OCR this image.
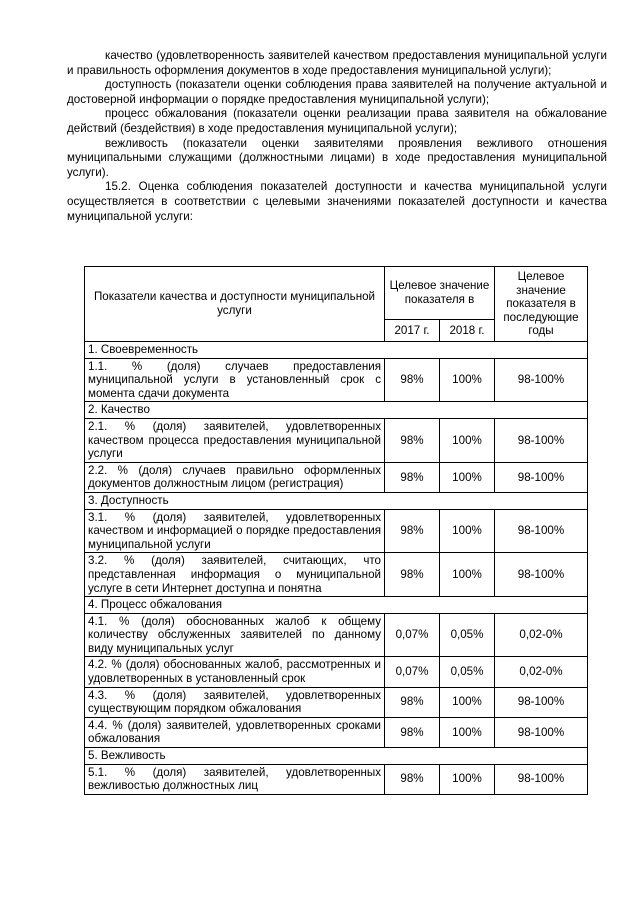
качество (удовлетворенность заявителей качеством предоставления муниципальной услуги и правильность оформления документов в ходе предоставления муниципальной услуги);

доступность (показатели оценки соблюдения права заявителей на получение актуальной и достоверной информации о порядке предоставления муниципальной услуги);

процесс обжалования (показатели оценки реализации права заявителя на обжалование действий (бездействия) в ходе предоставления муниципальной услуги);

вежливость (показатели оценки заявителями проявления вежливого отношения муниципальными служащими (должностными лицами) в ходе предоставления муниципальной услуги).

15.2. Оценка соблюдения показателей доступности и качества муниципальной услуги осуществляется в соответствии с целевыми значениями показателей доступности и качества муниципальной услуги:

Показатели качества и доступности муниципальной услуги	Целевое значение показателя в		Целевое значение показателя в последующие годы
	2017 г.	2018 г.	
1. Своевременность			
1.1. % (доля) случаев предоставления муниципальной услуги в установленный срок с момента сдачи документа	98%	100%	98-100%
2. Качество			
2.1. % (доля) заявителей, удовлетворенных качеством процесса предоставления муниципальной услуги	98%	100%	98-100%
2.2. % (доля) случаев правильно оформленных документов должностным лицом (регистрация)	98%	100%	98-100%
3. Доступность			
3.1. % (доля) заявителей, удовлетворенных качеством и информацией о порядке предоставления муниципальной услуги	98%	100%	98-100%
3.2. % (доля) заявителей, считающих, что представленная информация о муниципальной услуге в сети Интернет доступна и понятна	98%	100%	98-100%
4. Процесс обжалования			
4.1. % (доля) обоснованных жалоб к общему количеству обслуженных заявителей по данному виду муниципальных услуг	0,07%	0,05%	0,02-0%
4.2. % (доля) обоснованных жалоб, рассмотренных и удовлетворенных в установленный срок	0,07%	0,05%	0,02-0%
4.3. % (доля) заявителей, удовлетворенных существующим порядком обжалования	98%	100%	98-100%
4.4. % (доля) заявителей, удовлетворенных сроками обжалования	98%	100%	98-100%
5. Вежливость			
5.1. % (доля) заявителей, удовлетворенных вежливостью должностных лиц	98%	100%	98-100%
